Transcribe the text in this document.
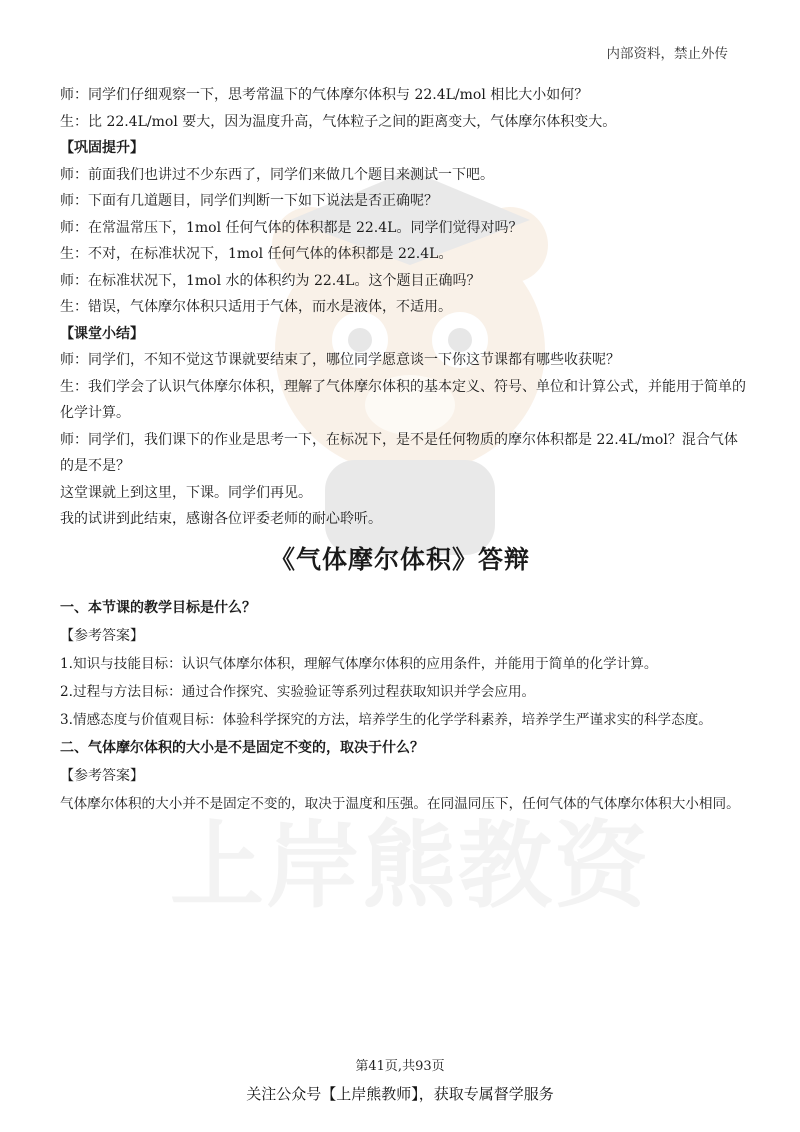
上岸熊教资
内部资料，禁止外传

师：同学们仔细观察一下，思考常温下的气体摩尔体积与 22.4L/mol 相比大小如何？

生：比 22.4L/mol 要大，因为温度升高，气体粒子之间的距离变大，气体摩尔体积变大。

【巩固提升】

师：前面我们也讲过不少东西了，同学们来做几个题目来测试一下吧。

师：下面有几道题目，同学们判断一下如下说法是否正确呢？

师：在常温常压下，1mol 任何气体的体积都是 22.4L。同学们觉得对吗？

生：不对，在标准状况下，1mol 任何气体的体积都是 22.4L。

师：在标准状况下，1mol 水的体积约为 22.4L。这个题目正确吗？

生：错误，气体摩尔体积只适用于气体，而水是液体，不适用。

【课堂小结】

师：同学们，不知不觉这节课就要结束了，哪位同学愿意谈一下你这节课都有哪些收获呢？

生：我们学会了认识气体摩尔体积，理解了气体摩尔体积的基本定义、符号、单位和计算公式，并能用于简单的化学计算。

师：同学们，我们课下的作业是思考一下，在标况下，是不是任何物质的摩尔体积都是 22.4L/mol？混合气体的是不是？

这堂课就上到这里，下课。同学们再见。

我的试讲到此结束，感谢各位评委老师的耐心聆听。

《气体摩尔体积》答辩

一、本节课的教学目标是什么？

【参考答案】

1.知识与技能目标：认识气体摩尔体积，理解气体摩尔体积的应用条件，并能用于简单的化学计算。

2.过程与方法目标：通过合作探究、实验验证等系列过程获取知识并学会应用。

3.情感态度与价值观目标：体验科学探究的方法，培养学生的化学学科素养，培养学生严谨求实的科学态度。

二、气体摩尔体积的大小是不是固定不变的，取决于什么？

【参考答案】

气体摩尔体积的大小并不是固定不变的，取决于温度和压强。在同温同压下，任何气体的气体摩尔体积大小相同。

第41页,共93页
关注公众号【上岸熊教师】，获取专属督学服务
